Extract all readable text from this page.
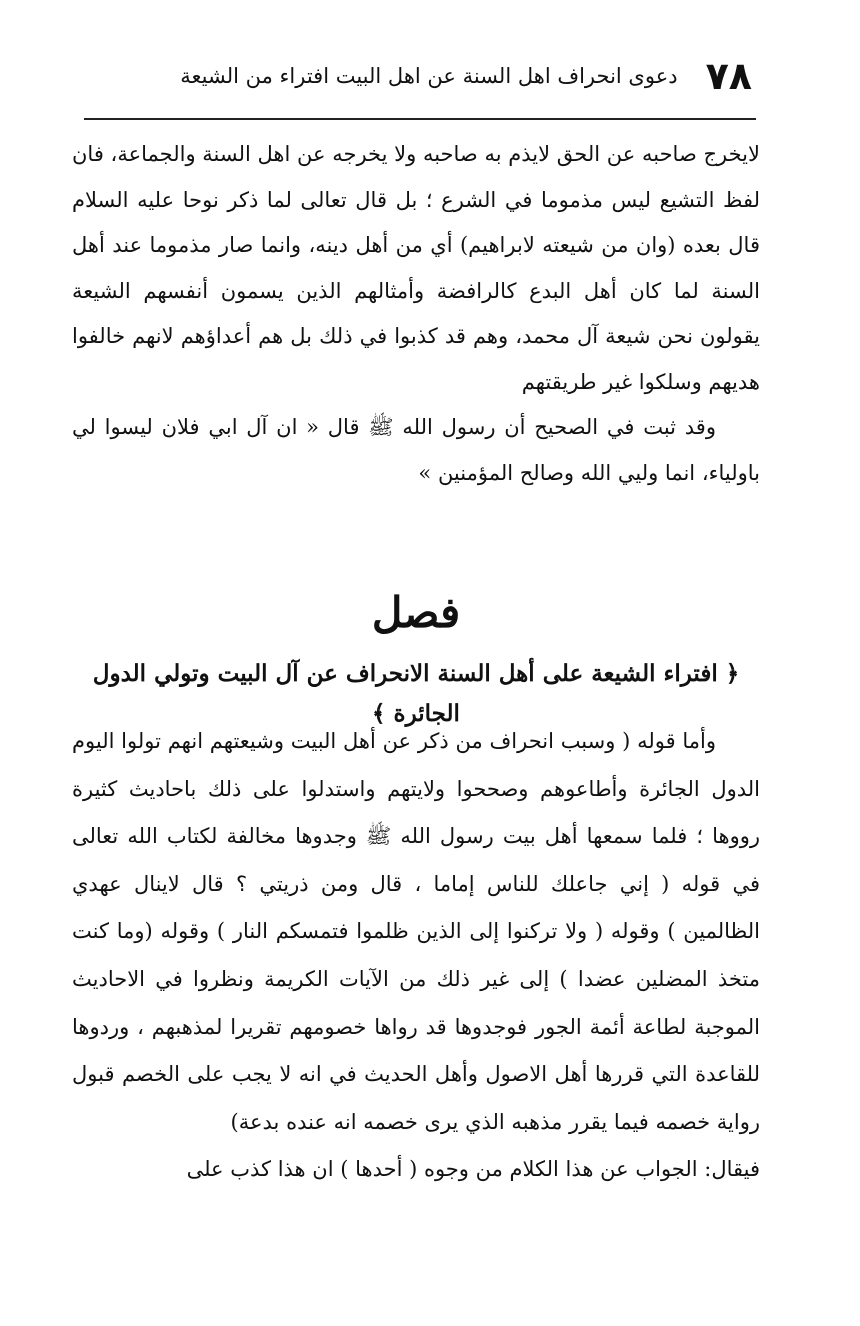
٧٨
دعوى انحراف اهل السنة عن اهل البيت افتراء من الشيعة

لايخرج صاحبه عن الحق لايذم به صاحبه ولا يخرجه عن اهل السنة والجماعة، فان لفظ التشيع ليس مذموما في الشرع ؛ بل قال تعالى لما ذكر نوحا عليه السلام قال بعده (وان من شيعته لابراهيم) أي من أهل دينه، وانما صار مذموما عند أهل السنة لما كان أهل البدع كالرافضة وأمثالهم الذين يسمون أنفسهم الشيعة يقولون نحن شيعة آل محمد، وهم قد كذبوا في ذلك بل هم أعداؤهم لانهم خالفوا هديهم وسلكوا غير طريقتهم

وقد ثبت في الصحيح أن رسول الله ﷺ قال « ان آل ابي فلان ليسوا لي باولياء، انما وليي الله وصالح المؤمنين »

فصل
﴿ افتراء الشيعة على أهل السنة الانحراف عن آل البيت وتولي الدول الجائرة ﴾

وأما قوله ( وسبب انحراف من ذكر عن أهل البيت وشيعتهم انهم تولوا اليوم الدول الجائرة وأطاعوهم وصححوا ولايتهم واستدلوا على ذلك باحاديث كثيرة رووها ؛ فلما سمعها أهل بيت رسول الله ﷺ وجدوها مخالفة لكتاب الله تعالى في قوله ( إني جاعلك للناس إماما ، قال ومن ذريتي ؟ قال لاينال عهدي الظالمين ) وقوله ( ولا تركنوا إلى الذين ظلموا فتمسكم النار ) وقوله (وما كنت متخذ المضلين عضدا ) إلى غير ذلك من الآيات الكريمة ونظروا في الاحاديث الموجبة لطاعة أئمة الجور فوجدوها قد رواها خصومهم تقريرا لمذهبهم ، وردوها للقاعدة التي قررها أهل الاصول وأهل الحديث في انه لا يجب على الخصم قبول رواية خصمه فيما يقرر مذهبه الذي يرى خصمه انه عنده بدعة)

فيقال: الجواب عن هذا الكلام من وجوه ( أحدها ) ان هذا كذب على
